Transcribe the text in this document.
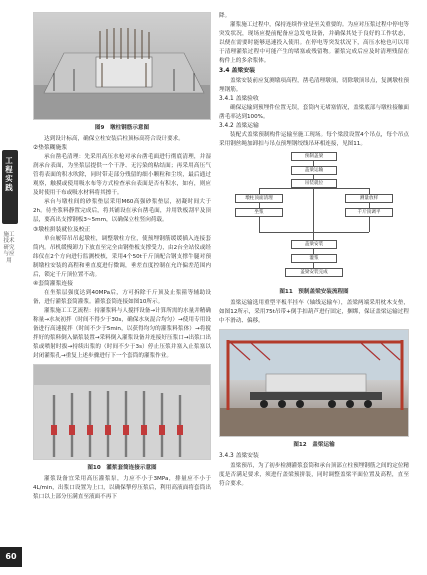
工程实践
施工技术研究与应用
60
图9　墩柱钢筋示意图

达到设计标高，确保立柱安装后柱顶标高符合设计要求。

②垫浆糊施浆

承台凿毛清理：先采用高压水枪对承台凿毛面进行彻底清理，并湿润承台表面，为坐浆层提供一个干净、无污染的粘结面；再采用高压气管将表面的积水吹除，同时带走部分残留的细小颗粒和尘埃，最后通过观察，触摸或使用吸水布等方式检查承台表面是否有积水，如有，则应及时使用干布或吸水材料将其擦干。

承台与墩柱间的砂浆垫层采用M60高强砂浆垫层，初凝时间大于2h。待坐浆料静置完成后，将其铺设在承台凿毛面，并用铁板刮平及顶层，要高出支撑钢板3~5mm，以确保立柱竖向荷载。

③墩柱拼装就位及校正

单台履带吊吊起墩柱，调整墩柱方位，使预埋钢筋缓缓插入连接套筒内。吊机缓慢卸力下放直至完全由钢垫板支撑受力，由2台全站仪或经纬仪在2个方向进行监测校核，采用4个50t千斤顶配合钢支撑牛腿对预制墩柱安装的高程和垂直度进行微调，垂差直度控制在允许偏差范围内后，锁定千斤顶位置不动。

④套筒灌浆连接

在坐浆层强度达到40MPa后，方可拆除千斤顶及止浆箍等辅助设备，进行灌浆套筒灌浆。灌浆套筒连接如图10所示。

灌浆施工工艺流程：持灌浆料与人搅拌设备→计算所需的水量并精确称量→水灰初拌（时间不得少于30s，确保水灰混合均匀）→使用专用设备进行高速搅拌（时间不少于5min，以获得均匀的灌浆料浆体）→将搅拌好的浆料倒入储浆装置→采料倒入灌浆设备并连接好压浆口→出浆口出浆或喷射时拔→持续出浆的（时间不少于3s）停止压浆并塞入止浆塞以封闭灌浆孔→重复上述步骤进行下一个套筒的灌浆作业。

图10　灌浆套筒连接示意图

灌浆设备宜采用高压灌浆泵，力应不小于3MPa，排量应不小于4L/min，出浆口设置为上口，以确保掣停压浆后，利用高液面将套筒出浆口以上部分压满直至液面不再下

降。

灌浆施工过程中，保持连续作业是至关重要的。为应对压浆过程中停电等突发状况，现场应提前配备应急发电设备，并确保其处于良好的工作状态，以便在需要时能够迅速投入使用。在停电等突发状况下，高压水枪也可以用于清理灌浆过程中可能产生的堵塞或残留物。灌浆完成后应及时清理残留在构件上的多余浆体。

3.4 盖梁安装

盖梁安装前应复测墩项高程，凿毛清理墩项，切除墩顶吊点，复测墩柱预埋钢筋。

3.4.1 盖梁验收

确保运输到预埋件位置无误，套筒内无堵塞情况，盖梁底部与墩柱接触面凿毛率达到100%。

3.4.2 盖梁运输

装配式盖梁预制构件运输至施工现场。每个梁段设置4个吊点，每个吊点采用钢丝绳加卸扣与吊点预埋钢绞线吊环相连接，见图11。

预制盖梁
盖梁运输
吊装就位
墩柱顶面清理
坐浆
测量放样
千斤顶调平
盖梁安装
灌浆
盖梁安装完成
图11　预制盖梁安装流程图

盖梁运输选用重型平板半挂车（轴线运输车），盖梁两端采用枕木支垫，如图12所示，采用75t吊带+倒手扣葫芦进行固定，捆绑，保证盖梁运输过程中不滑动、偏移。

图12　盖梁运输
3.4.3 盖梁安装

盖梁预吊，为了初步检测灌浆套筒和承台顶部立柱预埋钢筋之间的定位精度是否满足要求，须进行盖梁预拼装，同时调整盖梁平面位置及高程，直至符合要求。
